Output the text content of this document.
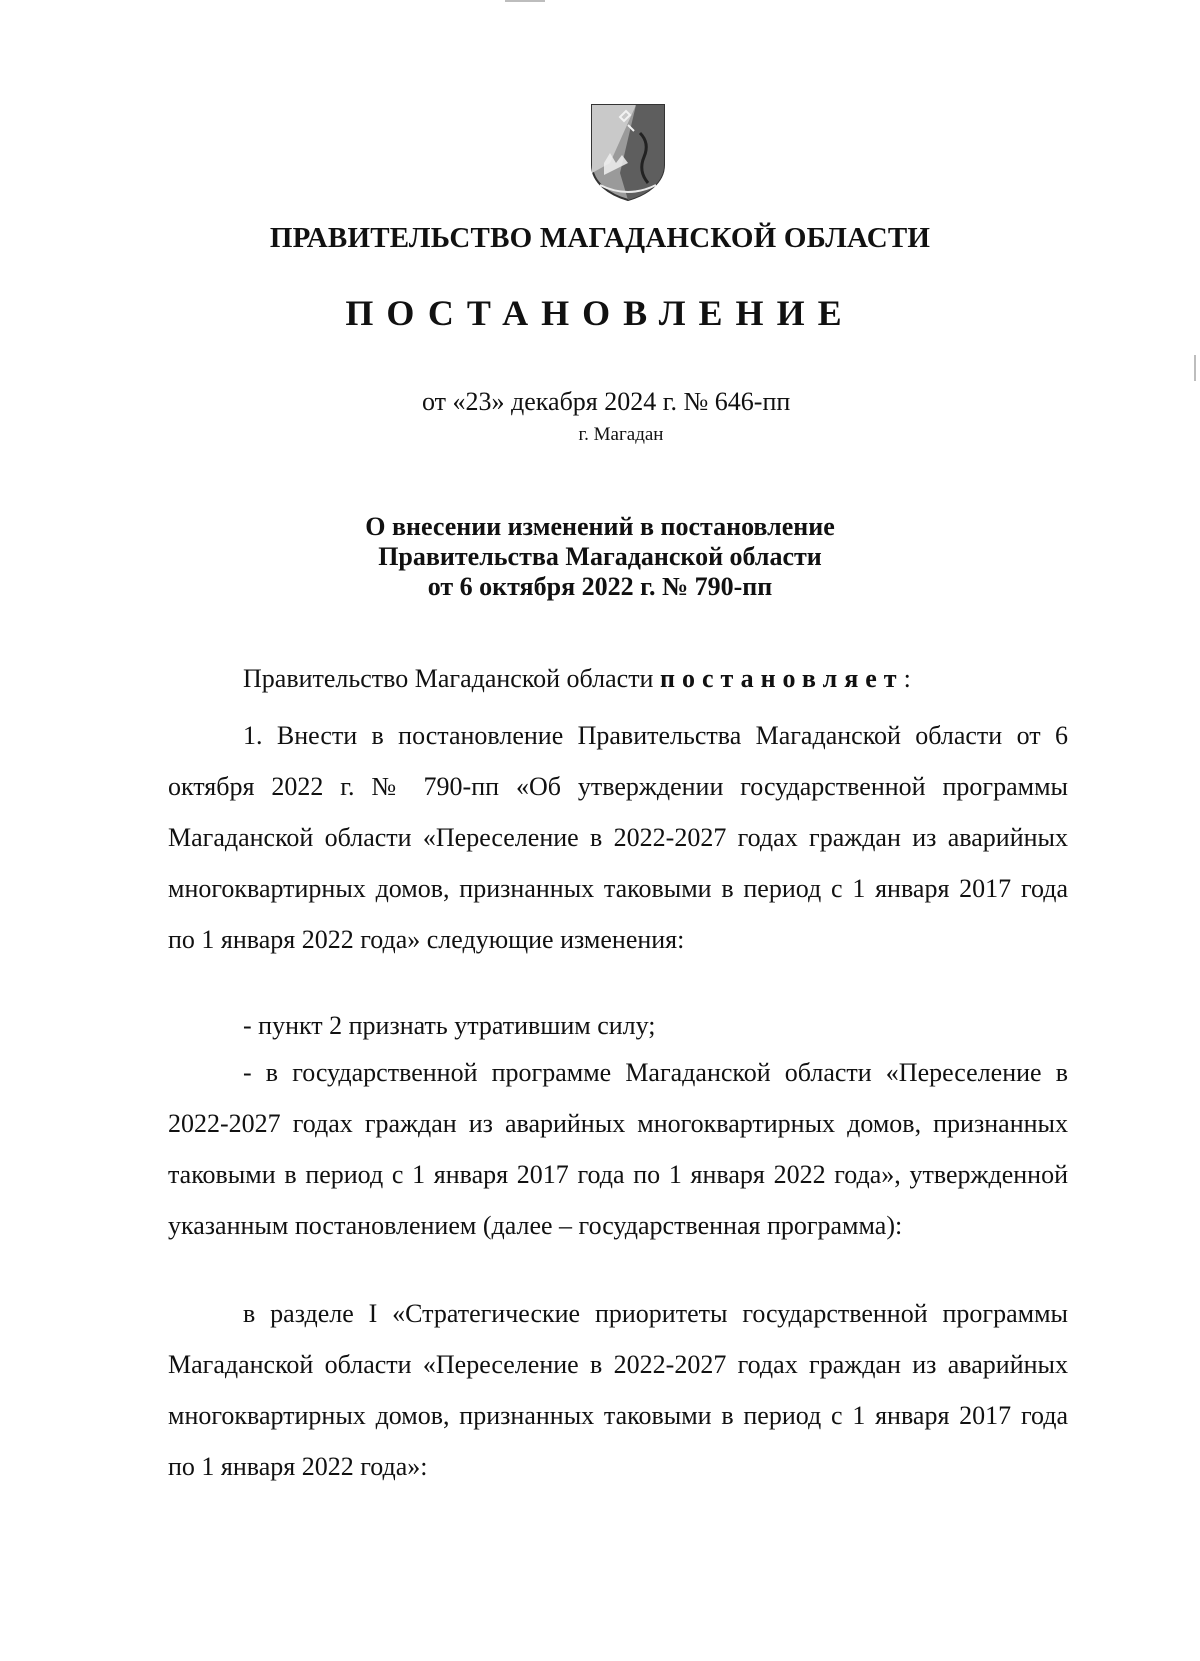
ПРАВИТЕЛЬСТВО МАГАДАНСКОЙ ОБЛАСТИ
ПОСТАНОВЛЕНИЕ
от «23» декабря 2024 г. № 646-пп
г. Магадан
О внесении изменений в постановление
Правительства Магаданской области
от 6 октября 2022 г. № 790-пп
Правительство Магаданской области постановляет:
1. Внести в постановление Правительства Магаданской области от 6 октября 2022 г. № 790-пп «Об утверждении государственной программы Магаданской области «Переселение в 2022-2027 годах граждан из аварийных многоквартирных домов, признанных таковыми в период с 1 января 2017 года по 1 января 2022 года» следующие изменения:
- пункт 2 признать утратившим силу;
- в государственной программе Магаданской области «Переселение в 2022-2027 годах граждан из аварийных многоквартирных домов, признанных таковыми в период с 1 января 2017 года по 1 января 2022 года», утвержденной указанным постановлением (далее – государственная программа):
в разделе I «Стратегические приоритеты государственной программы Магаданской области «Переселение в 2022-2027 годах граждан из аварийных многоквартирных домов, признанных таковыми в период с 1 января 2017 года по 1 января 2022 года»:
